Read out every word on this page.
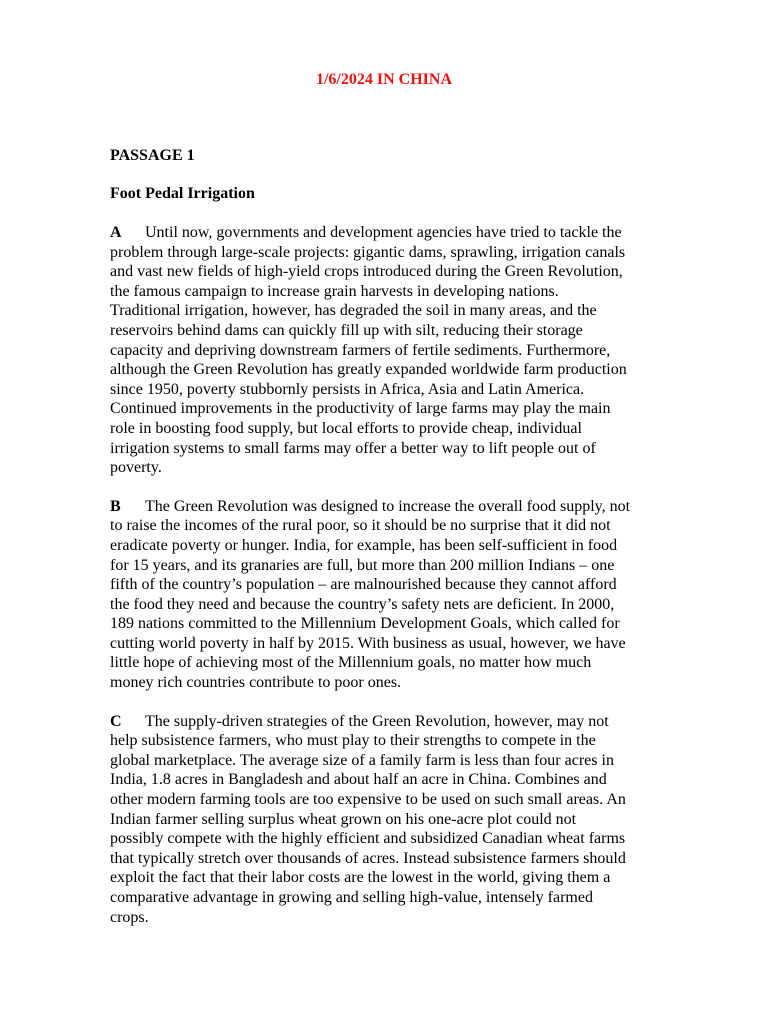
1/6/2024 IN CHINA
PASSAGE 1
Foot Pedal Irrigation
A Until now, governments and development agencies have tried to tackle the
problem through large-scale projects: gigantic dams, sprawling, irrigation canals
and vast new fields of high-yield crops introduced during the Green Revolution,
the famous campaign to increase grain harvests in developing nations.
Traditional irrigation, however, has degraded the soil in many areas, and the
reservoirs behind dams can quickly fill up with silt, reducing their storage
capacity and depriving downstream farmers of fertile sediments. Furthermore,
although the Green Revolution has greatly expanded worldwide farm production
since 1950, poverty stubbornly persists in Africa, Asia and Latin America.
Continued improvements in the productivity of large farms may play the main
role in boosting food supply, but local efforts to provide cheap, individual
irrigation systems to small farms may offer a better way to lift people out of
poverty.
B The Green Revolution was designed to increase the overall food supply, not
to raise the incomes of the rural poor, so it should be no surprise that it did not
eradicate poverty or hunger. India, for example, has been self-sufficient in food
for 15 years, and its granaries are full, but more than 200 million Indians – one
fifth of the country’s population – are malnourished because they cannot afford
the food they need and because the country’s safety nets are deficient. In 2000,
189 nations committed to the Millennium Development Goals, which called for
cutting world poverty in half by 2015. With business as usual, however, we have
little hope of achieving most of the Millennium goals, no matter how much
money rich countries contribute to poor ones.
C The supply-driven strategies of the Green Revolution, however, may not
help subsistence farmers, who must play to their strengths to compete in the
global marketplace. The average size of a family farm is less than four acres in
India, 1.8 acres in Bangladesh and about half an acre in China. Combines and
other modern farming tools are too expensive to be used on such small areas. An
Indian farmer selling surplus wheat grown on his one-acre plot could not
possibly compete with the highly efficient and subsidized Canadian wheat farms
that typically stretch over thousands of acres. Instead subsistence farmers should
exploit the fact that their labor costs are the lowest in the world, giving them a
comparative advantage in growing and selling high-value, intensely farmed
crops.
